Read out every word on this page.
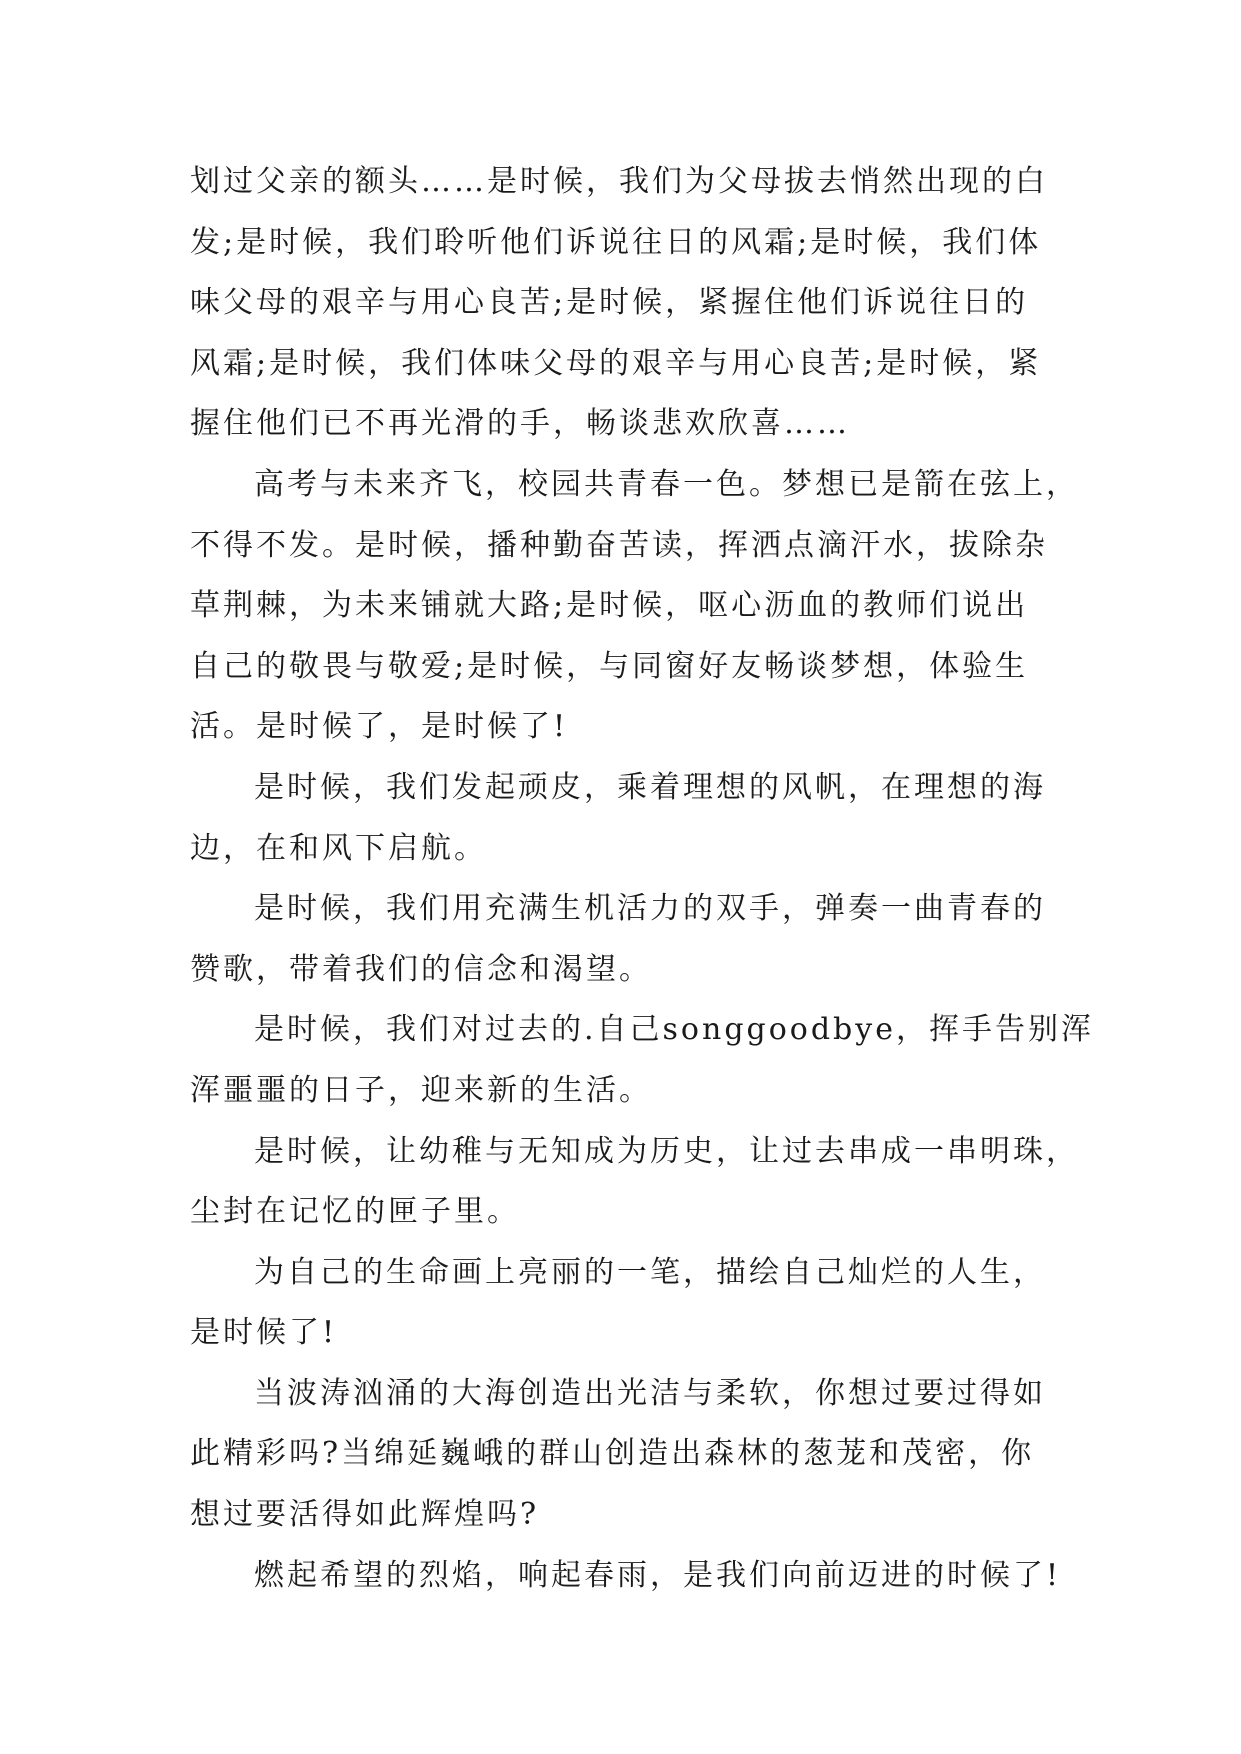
划过父亲的额头……是时候，我们为父母拔去悄然出现的白
发;是时候，我们聆听他们诉说往日的风霜;是时候，我们体
味父母的艰辛与用心良苦;是时候，紧握住他们诉说往日的
风霜;是时候，我们体味父母的艰辛与用心良苦;是时候，紧
握住他们已不再光滑的手，畅谈悲欢欣喜……
高考与未来齐飞，校园共青春一色。梦想已是箭在弦上，
不得不发。是时候，播种勤奋苦读，挥洒点滴汗水，拔除杂
草荆棘，为未来铺就大路;是时候，呕心沥血的教师们说出
自己的敬畏与敬爱;是时候，与同窗好友畅谈梦想，体验生
活。是时候了，是时候了!
是时候，我们发起顽皮，乘着理想的风帆，在理想的海
边，在和风下启航。
是时候，我们用充满生机活力的双手，弹奏一曲青春的
赞歌，带着我们的信念和渴望。
是时候，我们对过去的.自己songgoodbye，挥手告别浑
浑噩噩的日子，迎来新的生活。
是时候，让幼稚与无知成为历史，让过去串成一串明珠，
尘封在记忆的匣子里。
为自己的生命画上亮丽的一笔，描绘自己灿烂的人生，
是时候了!
当波涛汹涌的大海创造出光洁与柔软，你想过要过得如
此精彩吗?当绵延巍峨的群山创造出森林的葱茏和茂密，你
想过要活得如此辉煌吗?
燃起希望的烈焰，响起春雨，是我们向前迈进的时候了!
